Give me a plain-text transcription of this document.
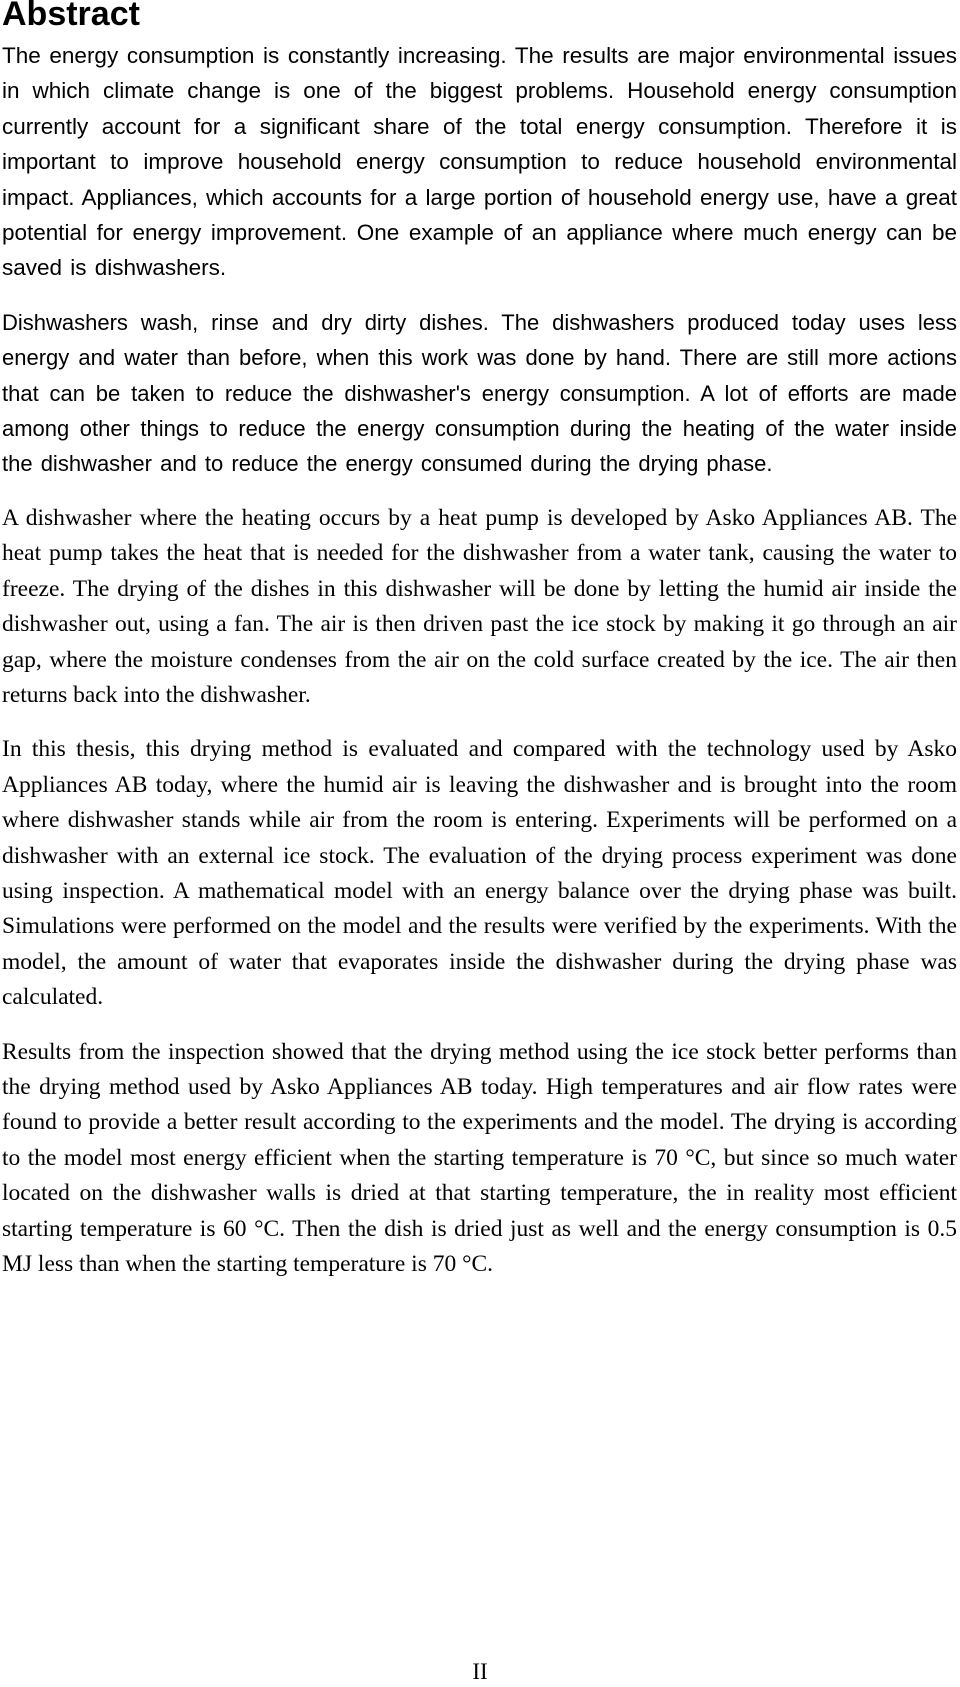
Abstract

The energy consumption is constantly increasing. The results are major environmental issues in which climate change is one of the biggest problems. Household energy consumption currently account for a significant share of the total energy consumption. Therefore it is important to improve household energy consumption to reduce household environmental impact. Appliances, which accounts for a large portion of household energy use, have a great potential for energy improvement. One example of an appliance where much energy can be saved is dishwashers.

Dishwashers wash, rinse and dry dirty dishes. The dishwashers produced today uses less energy and water than before, when this work was done by hand. There are still more actions that can be taken to reduce the dishwasher's energy consumption. A lot of efforts are made among other things to reduce the energy consumption during the heating of the water inside the dishwasher and to reduce the energy consumed during the drying phase.

A dishwasher where the heating occurs by a heat pump is developed by Asko Appliances AB. The heat pump takes the heat that is needed for the dishwasher from a water tank, causing the water to freeze. The drying of the dishes in this dishwasher will be done by letting the humid air inside the dishwasher out, using a fan. The air is then driven past the ice stock by making it go through an air gap, where the moisture condenses from the air on the cold surface created by the ice. The air then returns back into the dishwasher.

In this thesis, this drying method is evaluated and compared with the technology used by Asko Appliances AB today, where the humid air is leaving the dishwasher and is brought into the room where dishwasher stands while air from the room is entering. Experiments will be performed on a dishwasher with an external ice stock. The evaluation of the drying process experiment was done using inspection. A mathematical model with an energy balance over the drying phase was built. Simulations were performed on the model and the results were verified by the experiments. With the model, the amount of water that evaporates inside the dishwasher during the drying phase was calculated.

Results from the inspection showed that the drying method using the ice stock better performs than the drying method used by Asko Appliances AB today. High temperatures and air flow rates were found to provide a better result according to the experiments and the model. The drying is according to the model most energy efficient when the starting temperature is 70 °C, but since so much water located on the dishwasher walls is dried at that starting temperature, the in reality most efficient starting temperature is 60 °C. Then the dish is dried just as well and the energy consumption is 0.5 MJ less than when the starting temperature is 70 °C.

II
